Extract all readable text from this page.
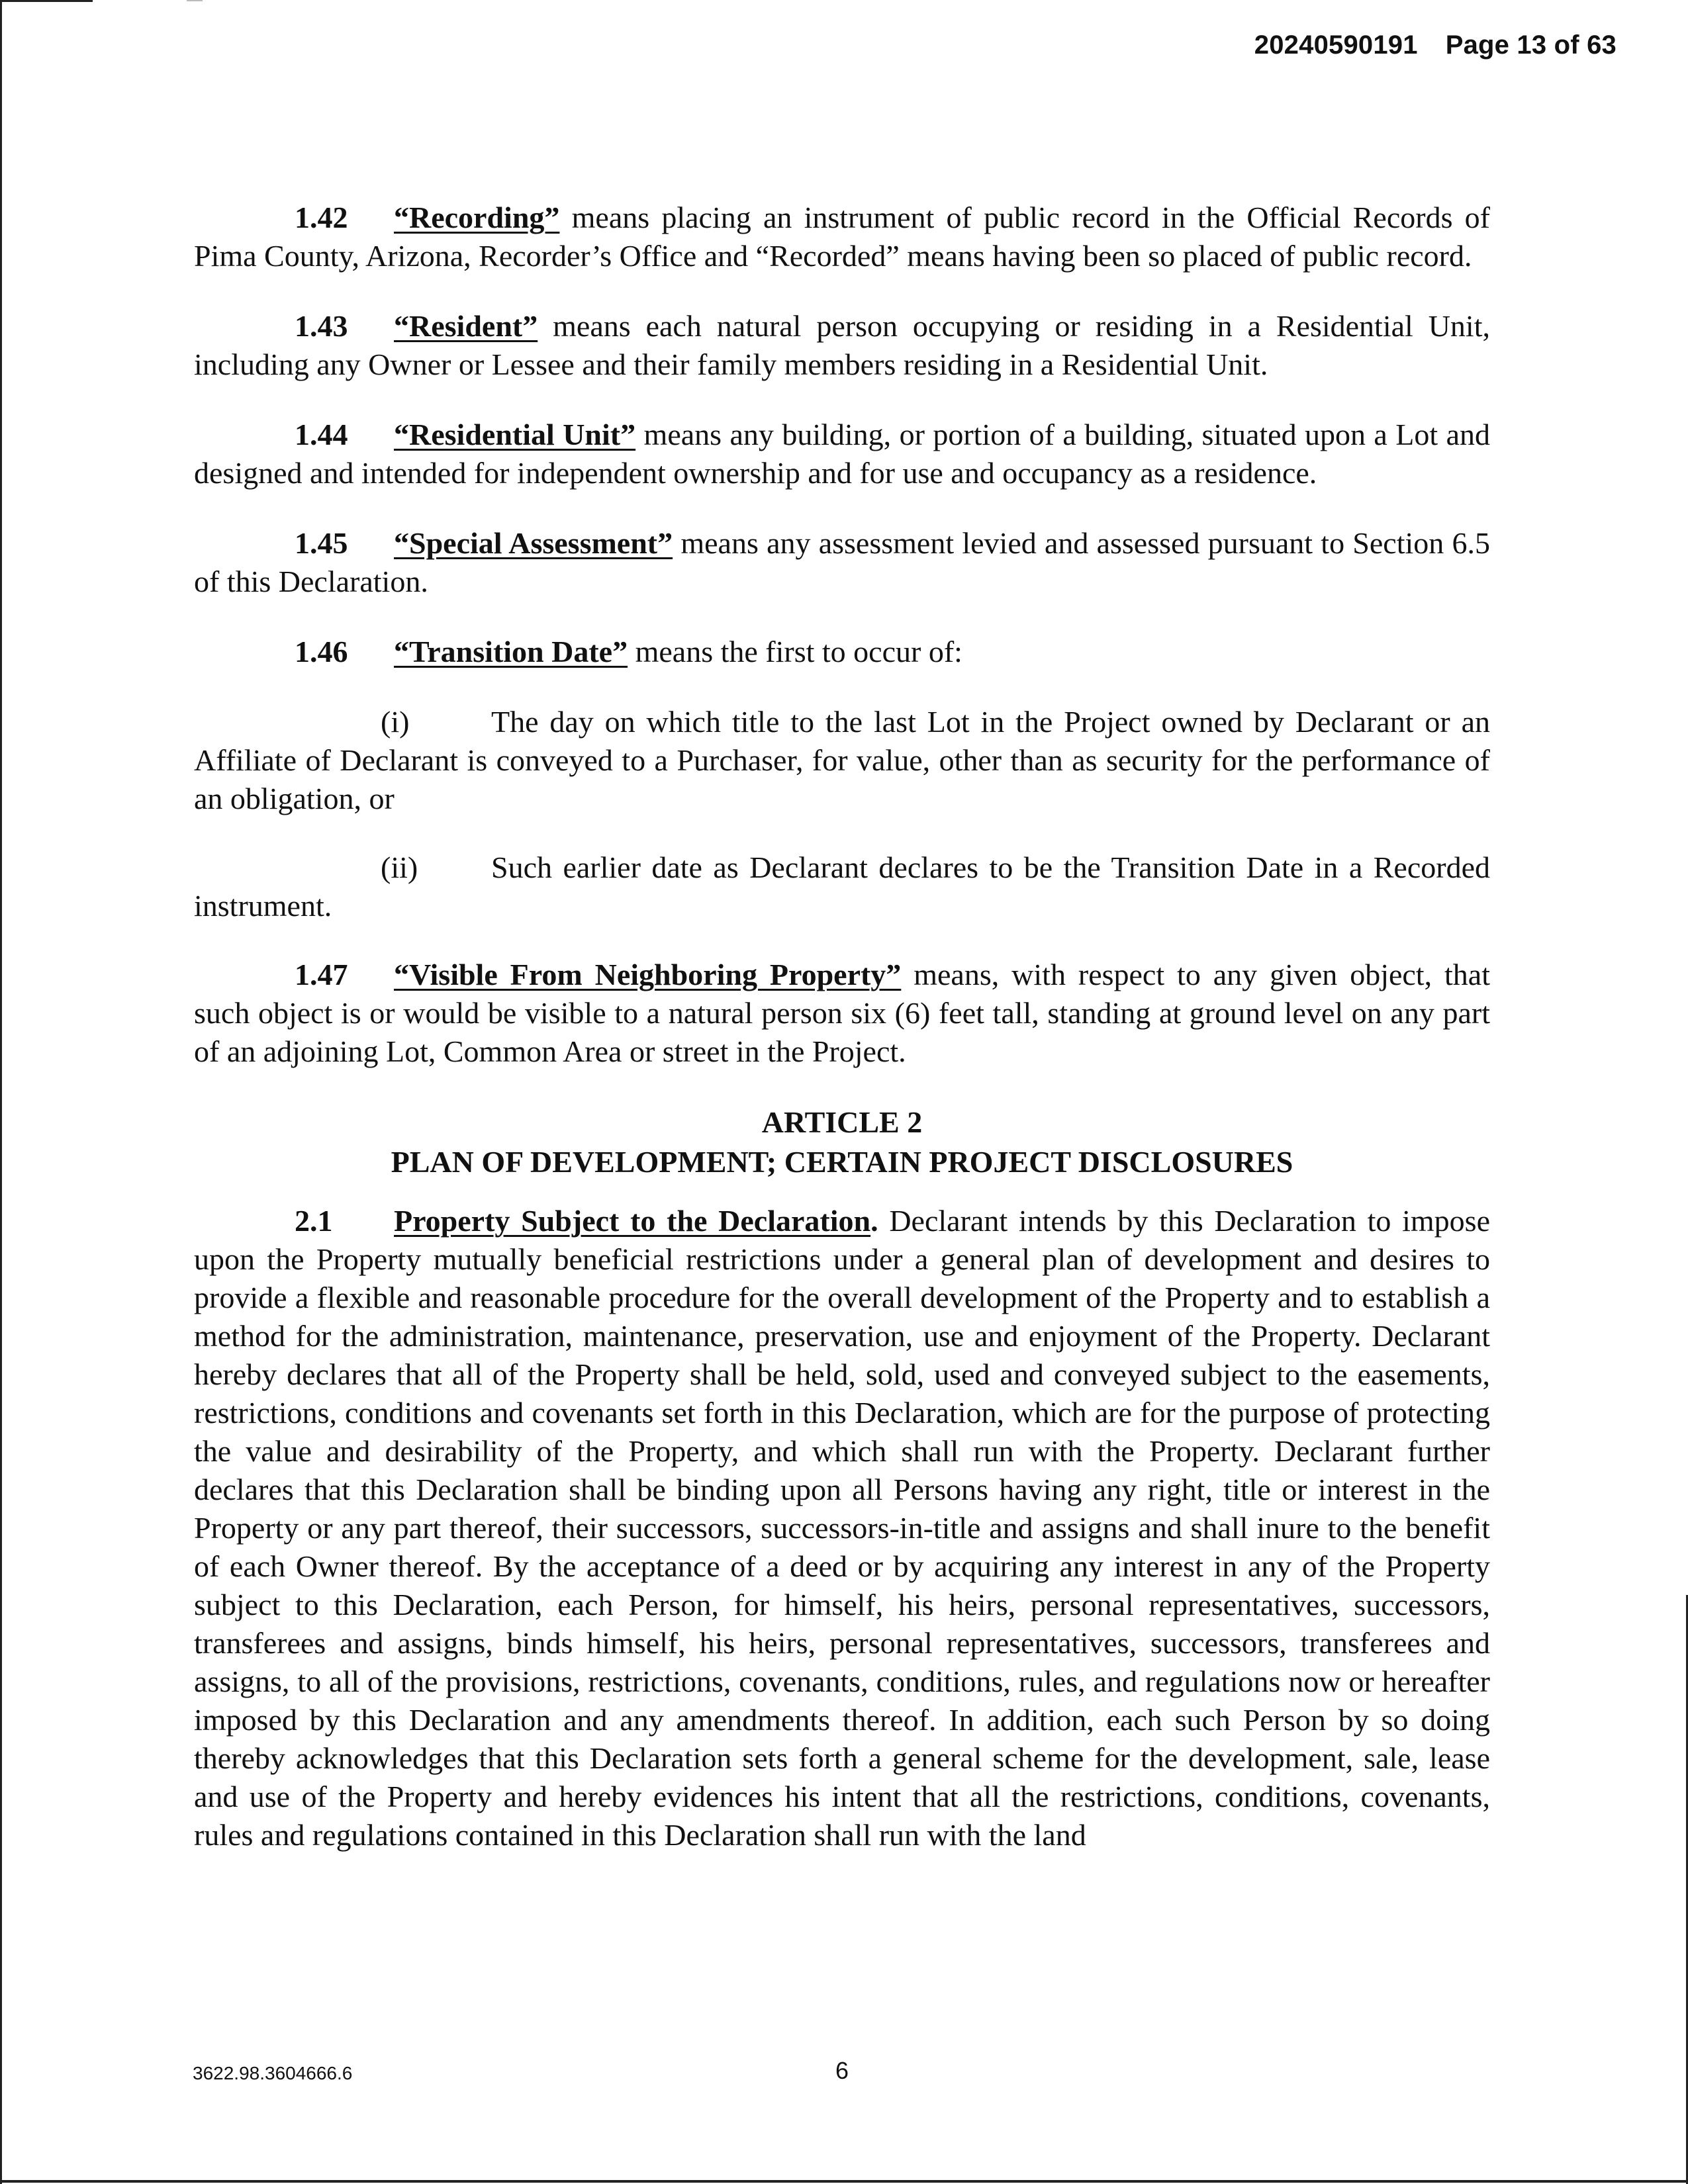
20240590191 Page 13 of 63

1.42 “Recording” means placing an instrument of public record in the Official Records of Pima County, Arizona, Recorder’s Office and “Recorded” means having been so placed of public record.

1.43 “Resident” means each natural person occupying or residing in a Residential Unit, including any Owner or Lessee and their family members residing in a Residential Unit.

1.44 “Residential Unit” means any building, or portion of a building, situated upon a Lot and designed and intended for independent ownership and for use and occupancy as a residence.

1.45 “Special Assessment” means any assessment levied and assessed pursuant to Section 6.5 of this Declaration.

1.46 “Transition Date” means the first to occur of:

(i)	The day on which title to the last Lot in the Project owned by Declarant or an Affiliate of Declarant is conveyed to a Purchaser, for value, other than as security for the performance of an obligation, or

(ii) Such earlier date as Declarant declares to be the Transition Date in a Recorded instrument.

1.47 “Visible From Neighboring Property” means, with respect to any given object, that such object is or would be visible to a natural person six (6) feet tall, standing at ground level on any part of an adjoining Lot, Common Area or street in the Project.

ARTICLE 2
PLAN OF DEVELOPMENT; CERTAIN PROJECT DISCLOSURES

2.1 Property Subject to the Declaration. Declarant intends by this Declaration to impose upon the Property mutually beneficial restrictions under a general plan of development and desires to provide a flexible and reasonable procedure for the overall development of the Property and to establish a method for the administration, maintenance, preservation, use and enjoyment of the Property. Declarant hereby declares that all of the Property shall be held, sold, used and conveyed subject to the easements, restrictions, conditions and covenants set forth in this Declaration, which are for the purpose of protecting the value and desirability of the Property, and which shall run with the Property. Declarant further declares that this Declaration shall be binding upon all Persons having any right, title or interest in the Property or any part thereof, their successors, successors-in-title and assigns and shall inure to the benefit of each Owner thereof. By the acceptance of a deed or by acquiring any interest in any of the Property subject to this Declaration, each Person, for himself, his heirs, personal representatives, successors, transferees and assigns, binds himself, his heirs, personal representatives, successors, transferees and assigns, to all of the provisions, restrictions, covenants, conditions, rules, and regulations now or hereafter imposed by this Declaration and any amendments thereof. In addition, each such Person by so doing thereby acknowledges that this Declaration sets forth a general scheme for the development, sale, lease and use of the Property and hereby evidences his intent that all the restrictions, conditions, covenants, rules and regulations contained in this Declaration shall run with the land

3622.98.3604666.6	6
